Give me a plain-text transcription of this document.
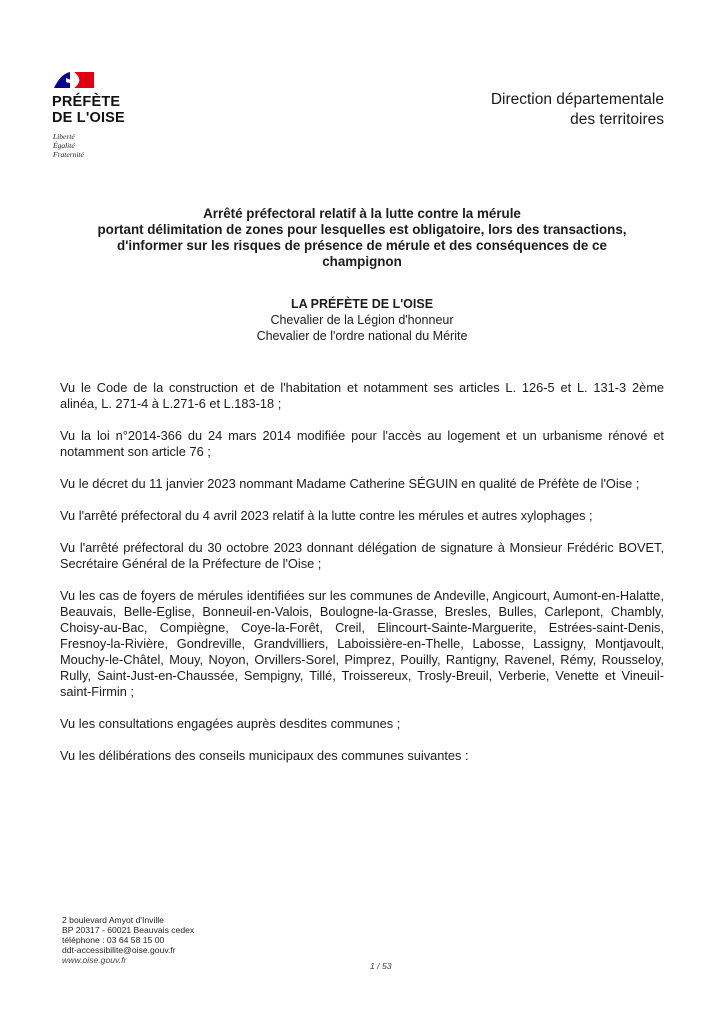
PRÉFÈTE
DE L'OISE
Liberté
Égalité
Fraternité
Direction départementale
des territoires
Arrêté préfectoral relatif à la lutte contre la mérule
portant délimitation de zones pour lesquelles est obligatoire, lors des transactions,
d'informer sur les risques de présence de mérule et des conséquences de ce
champignon
LA PRÉFÈTE DE L'OISE
Chevalier de la Légion d'honneur
Chevalier de l'ordre national du Mérite

Vu le Code de la construction et de l'habitation et notamment ses articles L. 126-5 et L. 131-3 2ème alinéa, L. 271-4 à L.271-6 et L.183-18 ;

Vu la loi n°2014-366 du 24 mars 2014 modifiée pour l'accès au logement et un urbanisme rénové et notamment son article 76 ;

Vu le décret du 11 janvier 2023 nommant Madame Catherine SÉGUIN en qualité de Préfète de l'Oise ;

Vu l'arrêté préfectoral du 4 avril 2023 relatif à la lutte contre les mérules et autres xylophages ;

Vu l'arrêté préfectoral du 30 octobre 2023 donnant délégation de signature à Monsieur Frédéric BOVET, Secrétaire Général de la Préfecture de l'Oise ;

Vu les cas de foyers de mérules identifiées sur les communes de Andeville, Angicourt, Aumont-en-Halatte, Beauvais, Belle-Eglise, Bonneuil-en-Valois, Boulogne-la-Grasse, Bresles, Bulles, Carlepont, Chambly, Choisy-au-Bac, Compiègne, Coye-la-Forêt, Creil, Elincourt-Sainte-Marguerite, Estrées-saint-Denis, Fresnoy-la-Rivière, Gondreville, Grandvilliers, Laboissière-en-Thelle, Labosse, Lassigny, Montjavoult, Mouchy-le-Châtel, Mouy, Noyon, Orvillers-Sorel, Pimprez, Pouilly, Rantigny, Ravenel, Rémy, Rousseloy, Rully, Saint-Just-en-Chaussée, Sempigny, Tillé, Troissereux, Trosly-Breuil, Verberie, Venette et Vineuil-saint-Firmin ;

Vu les consultations engagées auprès desdites communes ;

Vu les délibérations des conseils municipaux des communes suivantes :

2 boulevard Amyot d'Inville
BP 20317 - 60021 Beauvais cedex
téléphone : 03 64 58 15 00
ddt-accessibilite@oise.gouv.fr
www.oise.gouv.fr
1 / 53
